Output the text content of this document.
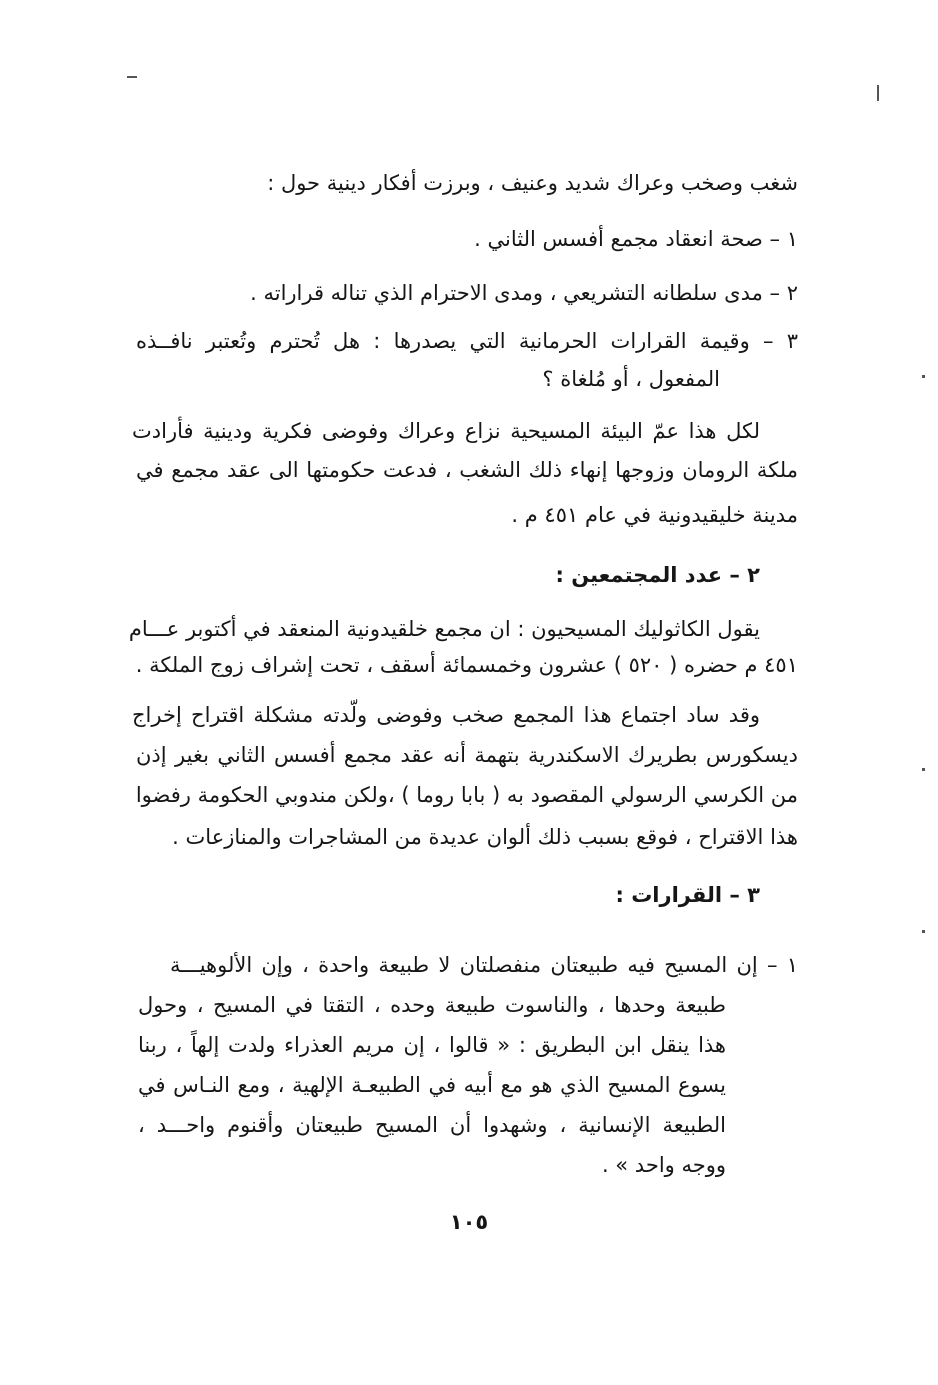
شغب وصخب وعراك شديد وعنيف ، وبرزت أفكار دينية حول :
١ – صحة انعقاد مجمع أفسس الثاني .
٢ – مدى سلطانه التشريعي ، ومدى الاحترام الذي تناله قراراته .
٣ – وقيمة القرارات الحرمانية التي يصدرها : هل تُحترم وتُعتبر نافــذه
المفعول ، أو مُلغاة ؟
لكل هذا عمّ البيئة المسيحية نزاع وعراك وفوضى فكرية ودينية فأرادت
ملكة الرومان وزوجها إنهاء ذلك الشغب ، فدعت حكومتها الى عقد مجمع في
مدينة خليقيدونية في عام ٤٥١ م .
٢ – عدد المجتمعين :
يقول الكاثوليك المسيحيون : ان مجمع خلقيدونية المنعقد في أكتوبر عـــام
٤٥١ م حضره ( ٥٢٠ ) عشرون وخمسمائة أسقف ، تحت إشراف زوج الملكة .
وقد ساد اجتماع هذا المجمع صخب وفوضى ولّدته مشكلة اقتراح إخراج
ديسكورس بطريرك الاسكندرية بتهمة أنه عقد مجمع أفسس الثاني بغير إذن
من الكرسي الرسولي المقصود به ( بابا روما ) ،ولكن مندوبي الحكومة رفضوا
هذا الاقتراح ، فوقع بسبب ذلك ألوان عديدة من المشاجرات والمنازعات .
٣ – القرارات :
١ – إن المسيح فيه طبيعتان منفصلتان لا طبيعة واحدة ، وإن الألوهيـــة
طبيعة وحدها ، والناسوت طبيعة وحده ، التقتا في المسيح ، وحول
هذا ينقل ابن البطريق : « قالوا ، إن مريم العذراء ولدت إلهاً ، ربنا
يسوع المسيح الذي هو مع أبيه في الطبيعـة الإلهية ، ومع النـاس في
الطبيعة الإنسانية ، وشهدوا أن المسيح طبيعتان وأقنوم واحـــد ،
ووجه واحد » .
١٠٥
